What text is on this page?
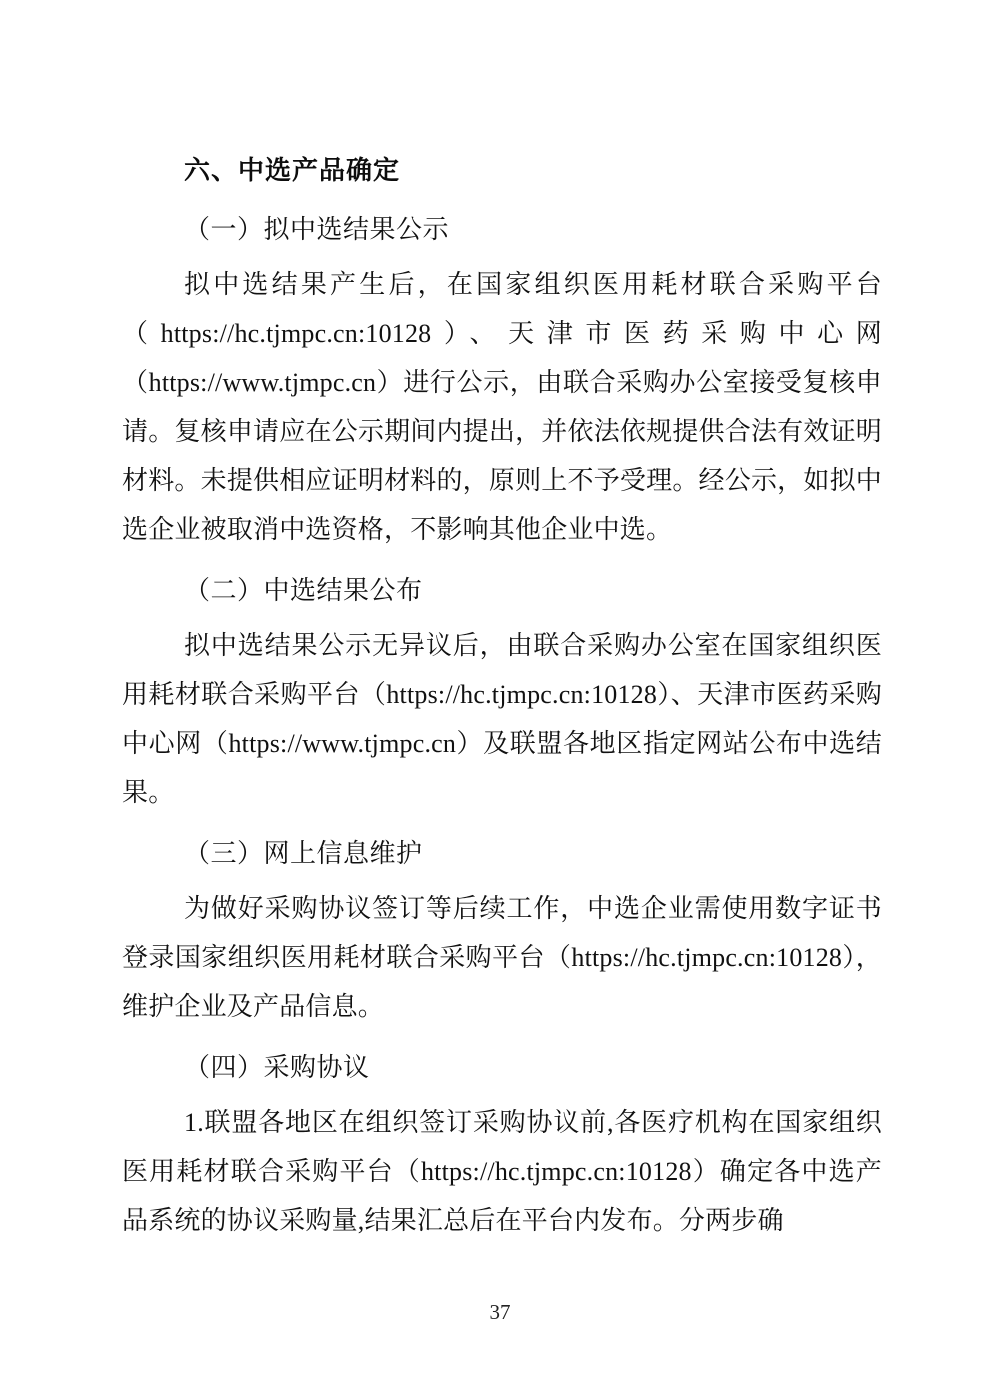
六、中选产品确定

（一）拟中选结果公示

拟中选结果产生后，在国家组织医用耗材联合采购平台（https://hc.tjmpc.cn:10128）、天津市医药采购中心网（https://www.tjmpc.cn）进行公示，由联合采购办公室接受复核申请。复核申请应在公示期间内提出，并依法依规提供合法有效证明材料。未提供相应证明材料的，原则上不予受理。经公示，如拟中选企业被取消中选资格，不影响其他企业中选。

（二）中选结果公布

拟中选结果公示无异议后，由联合采购办公室在国家组织医用耗材联合采购平台（https://hc.tjmpc.cn:10128）、天津市医药采购中心网（https://www.tjmpc.cn）及联盟各地区指定网站公布中选结果。

（三）网上信息维护

为做好采购协议签订等后续工作，中选企业需使用数字证书登录国家组织医用耗材联合采购平台（https://hc.tjmpc.cn:10128），维护企业及产品信息。

（四）采购协议

1.联盟各地区在组织签订采购协议前,各医疗机构在国家组织医用耗材联合采购平台（https://hc.tjmpc.cn:10128）确定各中选产品系统的协议采购量,结果汇总后在平台内发布。分两步确

37
